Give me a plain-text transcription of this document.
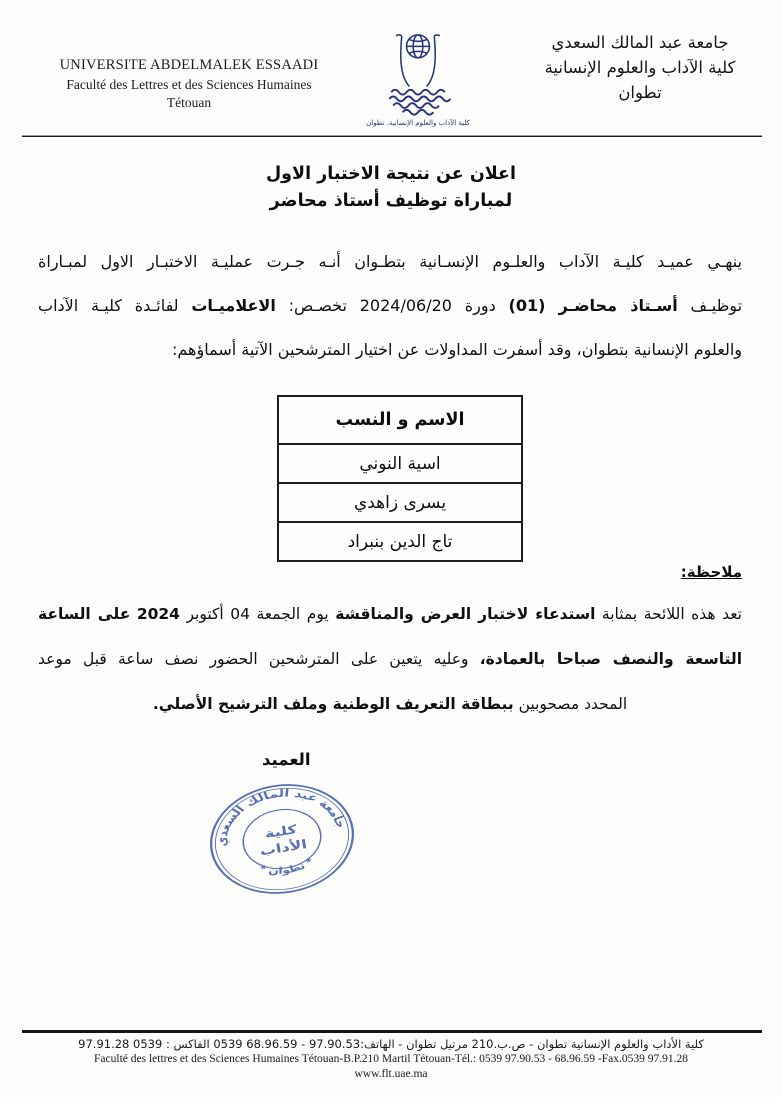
UNIVERSITE ABDELMALEK ESSAADI
Faculté des Lettres et des Sciences Humaines
Tétouan
كلية الآداب والعلوم الإنسانية. تطوان
جامعة عبد المالك السعدي
كلية الآداب والعلوم الإنسانية
تطوان
اعلان عن نتيجة الاختبار الاول
لمباراة توظيف أستاذ محاضر
ينهـي عميـد كليـة الآداب والعلـوم الإنسـانية بتطـوان أنـه جـرت عمليـة الاختبـار الاول لمبـاراة
توظيـف أسـتاذ محاضـر (01) دورة 2024/06/20 تخصـص: الاعلاميـات لفائـدة كليـة الآداب
والعلوم الإنسانية بتطوان، وقد أسفرت المداولات عن اختيار المترشحين الآتية أسماؤهم:
الاسم و النسب
اسية النوني
يسرى زاهدي
تاج الدين بنبراد
ملاحظة:
تعد هذه اللائحة بمثابة استدعاء لاختبار العرض والمناقشة يوم الجمعة 04 أكتوبر 2024 على الساعة
التاسعة والنصف صباحا بالعمادة، وعليه يتعين على المترشحين الحضور نصف ساعة قبل موعد
المحدد مصحوبين ببطاقة التعريف الوطنية وملف الترشيح الأصلي.
العميد
جامعة عبد المالك السعدي
* تطوان *
كلية
الأداب
كلية الأداب والعلوم الإنسانية تطوان - ص.ب.210 مرتيل تطوان - الهاتف:97.90.53 - 68.96.59 0539 الفاكس : 0539 97.91.28
Faculté des lettres et des Sciences Humaines Tétouan-B.P.210 Martil Tétouan-Tél.: 0539 97.90.53 - 68.96.59 -Fax.0539 97.91.28
www.flt.uae.ma
